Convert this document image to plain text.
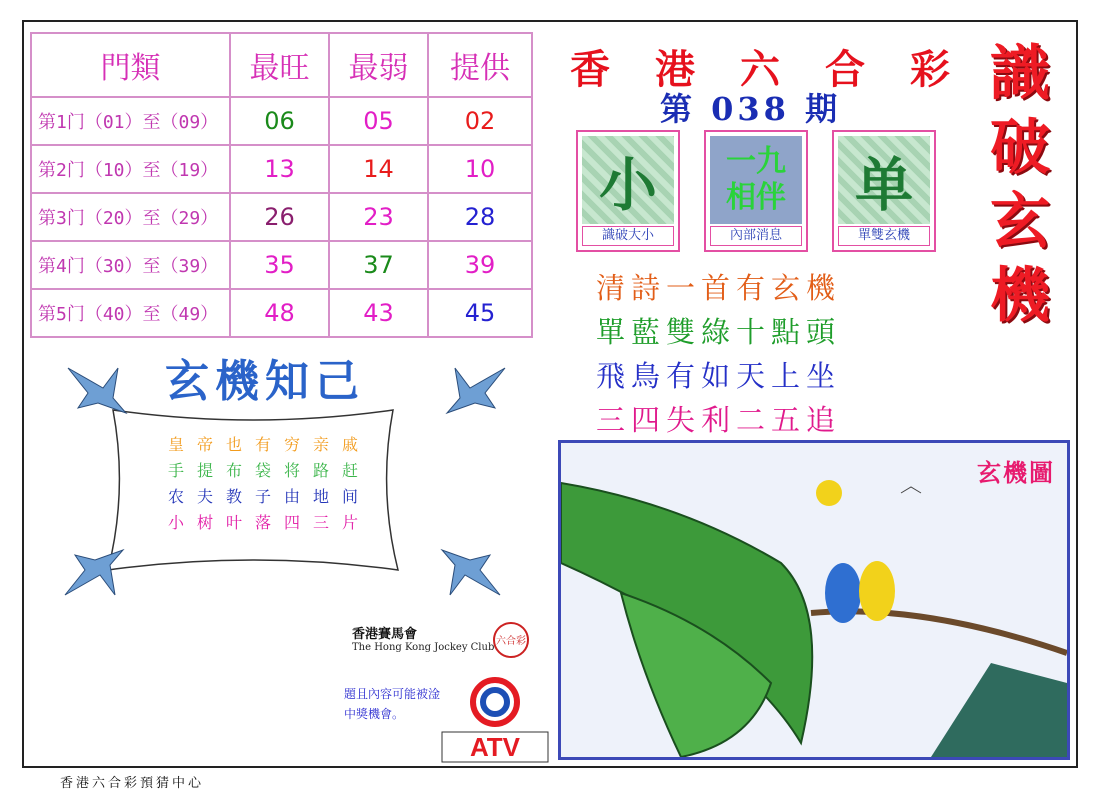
門類	最旺	最弱	提供
第1门（01）至（09）	06	05	02
第2门（10）至（19）	13	14	10
第3门（20）至（29）	26	23	28
第4门（30）至（39）	35	37	39
第5门（40）至（49）	48	43	45
香 港 六 合 彩
第 038 期 識
破
玄
機
小
識破大小
一九
相伴
內部消息
单
單雙玄機
清詩一首有玄機
單藍雙綠十點頭
飛鳥有如天上坐
三四失利二五追
玄機知己
皇帝也有穷亲戚
手提布袋将路赶
农夫教子由地间
小树叶落四三片
香港賽馬會
The Hong Kong Jockey Club
六合彩
題且內容可能被淦
中獎機會。
ATV
玄機圖
香港六合彩預猜中心
